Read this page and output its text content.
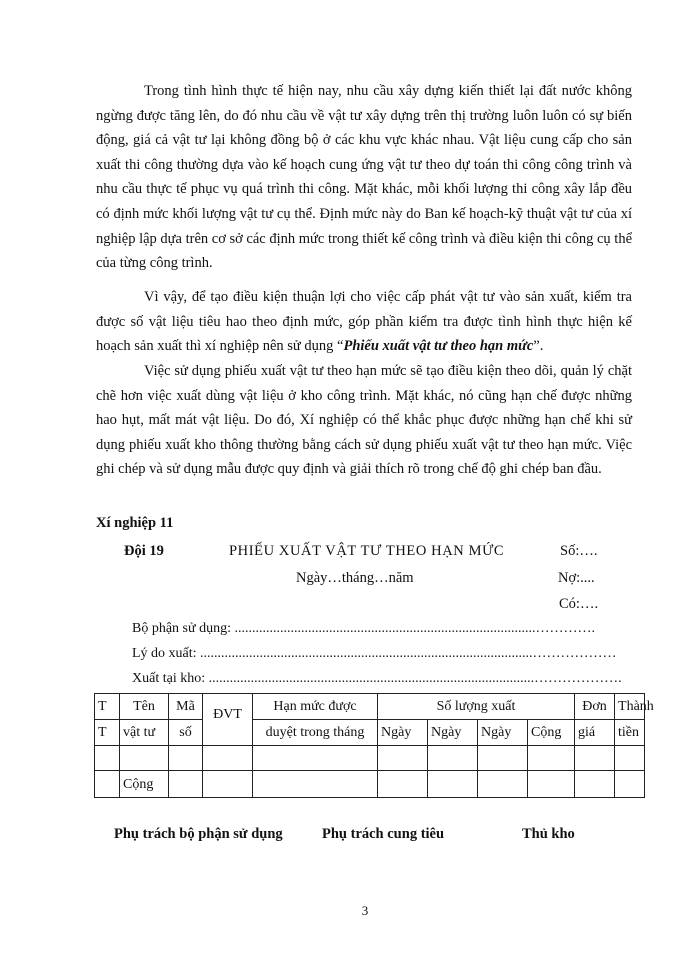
Trong tình hình thực tế hiện nay, nhu cầu xây dựng kiến thiết lại đất nước không ngừng được tăng lên, do đó nhu cầu về vật tư xây dựng trên thị trường luôn luôn có sự biến động, giá cả vật tư lại không đồng bộ ở các khu vực khác nhau. Vật liệu cung cấp cho sản xuất thi công thường dựa vào kế hoạch cung ứng vật tư theo dự toán thi công công trình và nhu cầu thực tế phục vụ quá trình thi công. Mặt khác, mỗi khối lượng thi công xây lắp đều có định mức khối lượng vật tư cụ thể. Định mức này do Ban kế hoạch-kỹ thuật vật tư của xí nghiệp lập dựa trên cơ sở các định mức trong thiết kế công trình và điều kiện thi công cụ thể của từng công trình.

Vì vậy, để tạo điều kiện thuận lợi cho việc cấp phát vật tư vào sản xuất, kiểm tra được số vật liệu tiêu hao theo định mức, góp phần kiểm tra được tình hình thực hiện kế hoạch sản xuất thì xí nghiệp nên sử dụng “Phiếu xuất vật tư theo hạn mức”.

Việc sử dụng phiếu xuất vật tư theo hạn mức sẽ tạo điều kiện theo dõi, quản lý chặt chẽ hơn việc xuất dùng vật liệu ở kho công trình. Mặt khác, nó cũng hạn chế được những hao hụt, mất mát vật liệu. Do đó, Xí nghiệp có thể khắc phục được những hạn chế khi sử dụng phiếu xuất kho thông thường bằng cách sử dụng phiếu xuất vật tư theo hạn mức. Việc ghi chép và sử dụng mẫu được quy định và giải thích rõ trong chế độ ghi chép ban đầu.

Xí nghiệp 11
Đội 19	PHIẾU XUẤT VẬT TƯ THEO HẠN MỨC	Số:….
Ngày…tháng…năm	Nợ:....
Có:….
Bộ phận sử dụng: ......................................................................................………….
Lý do xuất: ...............................................................................................………………
Xuất tại kho: .............................................................................................……………….
T	Tên	Mã	ĐVT	Hạn mức được	Số lượng xuất				Đơn	Thành
T	vật tư	số		duyệt trong tháng	Ngày	Ngày	Ngày	Cộng	giá	tiền

	Cộng									
Phụ trách bộ phận sử dụng	Phụ trách cung tiêu	Thủ kho
3
